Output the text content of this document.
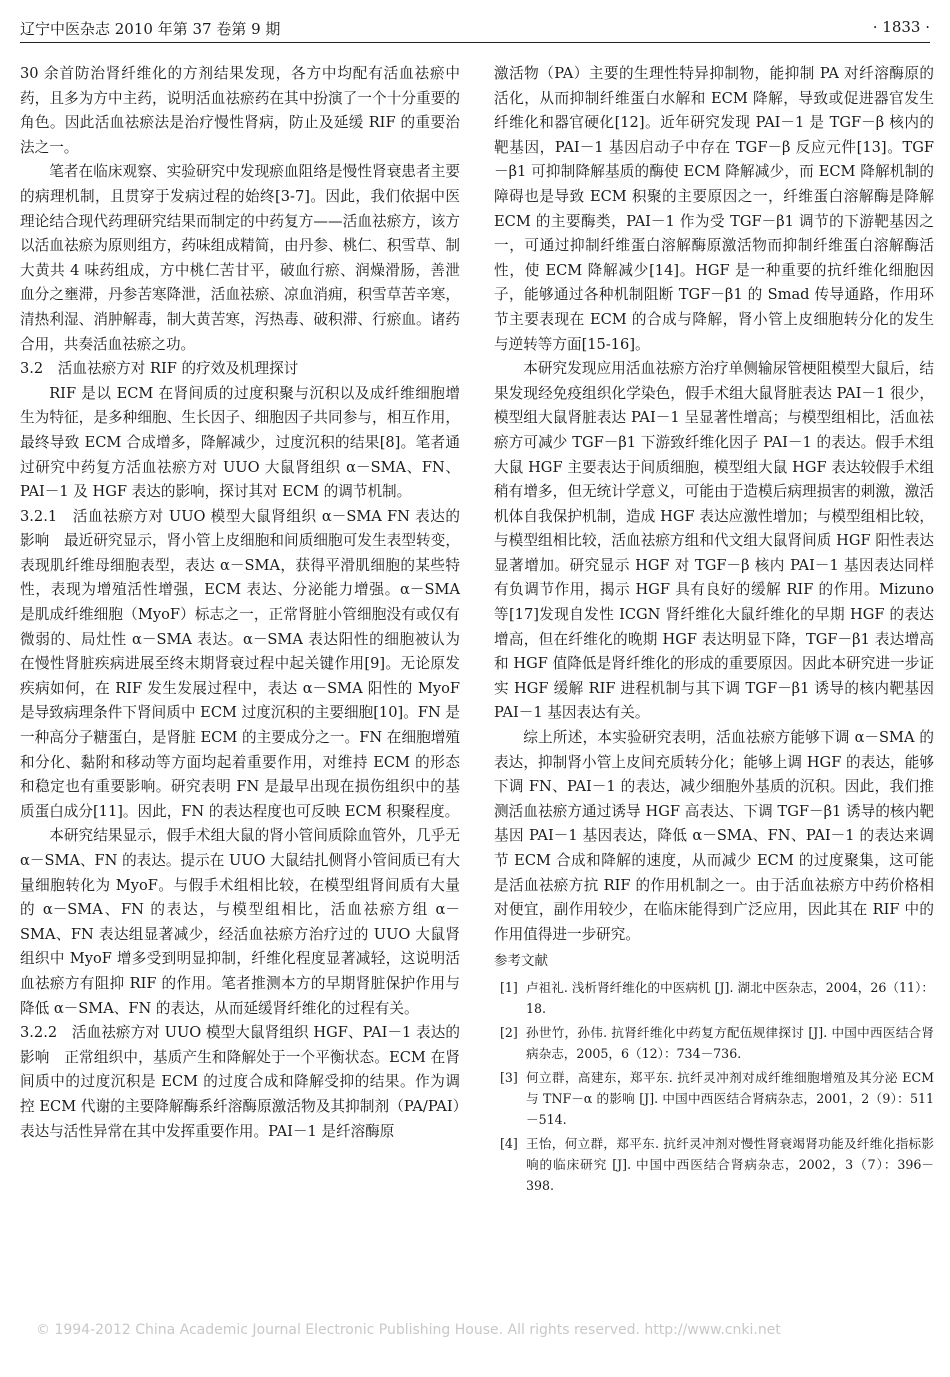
辽宁中医杂志 2010 年第 37 卷第 9 期	· 1833 ·

30 余首防治肾纤维化的方剂结果发现，各方中均配有活血祛瘀中药，且多为方中主药，说明活血祛瘀药在其中扮演了一个十分重要的角色。因此活血祛瘀法是治疗慢性肾病，防止及延缓 RIF 的重要治法之一。

笔者在临床观察、实验研究中发现瘀血阻络是慢性肾衰患者主要的病理机制，且贯穿于发病过程的始终[3-7]。因此，我们依据中医理论结合现代药理研究结果而制定的中药复方——活血祛瘀方，该方以活血祛瘀为原则组方，药味组成精简，由丹参、桃仁、积雪草、制大黄共 4 味药组成，方中桃仁苦甘平，破血行瘀、润燥滑肠，善泄血分之壅滞，丹参苦寒降泄，活血祛瘀、凉血消痈，积雪草苦辛寒，清热利湿、消肿解毒，制大黄苦寒，泻热毒、破积滞、行瘀血。诸药合用，共奏活血祛瘀之功。

3.2　活血祛瘀方对 RIF 的疗效及机理探讨

RIF 是以 ECM 在肾间质的过度积聚与沉积以及成纤维细胞增生为特征，是多种细胞、生长因子、细胞因子共同参与，相互作用，最终导致 ECM 合成增多，降解减少，过度沉积的结果[8]。笔者通过研究中药复方活血祛瘀方对 UUO 大鼠肾组织 α－SMA、FN、PAI－1 及 HGF 表达的影响，探讨其对 ECM 的调节机制。

3.2.1　活血祛瘀方对 UUO 模型大鼠肾组织 α－SMA FN 表达的影响　最近研究显示，肾小管上皮细胞和间质细胞可发生表型转变，表现肌纤维母细胞表型，表达 α－SMA，获得平滑肌细胞的某些特性，表现为增殖活性增强，ECM 表达、分泌能力增强。α－SMA 是肌成纤维细胞（MyoF）标志之一，正常肾脏小管细胞没有或仅有微弱的、局灶性 α－SMA 表达。α－SMA 表达阳性的细胞被认为在慢性肾脏疾病进展至终末期肾衰过程中起关键作用[9]。无论原发疾病如何，在 RIF 发生发展过程中，表达 α－SMA 阳性的 MyoF 是导致病理条件下肾间质中 ECM 过度沉积的主要细胞[10]。FN 是一种高分子糖蛋白，是肾脏 ECM 的主要成分之一。FN 在细胞增殖和分化、黏附和移动等方面均起着重要作用，对维持 ECM 的形态和稳定也有重要影响。研究表明 FN 是最早出现在损伤组织中的基质蛋白成分[11]。因此，FN 的表达程度也可反映 ECM 积聚程度。

本研究结果显示，假手术组大鼠的肾小管间质除血管外，几乎无 α－SMA、FN 的表达。提示在 UUO 大鼠结扎侧肾小管间质已有大量细胞转化为 MyoF。与假手术组相比较，在模型组肾间质有大量的 α－SMA、FN 的表达，与模型组相比，活血祛瘀方组 α－SMA、FN 表达组显著减少，经活血祛瘀方治疗过的 UUO 大鼠肾组织中 MyoF 增多受到明显抑制，纤维化程度显著减轻，这说明活血祛瘀方有阻抑 RIF 的作用。笔者推测本方的早期肾脏保护作用与降低 α－SMA、FN 的表达，从而延缓肾纤维化的过程有关。

3.2.2　活血祛瘀方对 UUO 模型大鼠肾组织 HGF、PAI－1 表达的影响　正常组织中，基质产生和降解处于一个平衡状态。ECM 在肾间质中的过度沉积是 ECM 的过度合成和降解受抑的结果。作为调控 ECM 代谢的主要降解酶系纤溶酶原激活物及其抑制剂（PA/PAI）表达与活性异常在其中发挥重要作用。PAI－1 是纤溶酶原

激活物（PA）主要的生理性特异抑制物，能抑制 PA 对纤溶酶原的活化，从而抑制纤维蛋白水解和 ECM 降解，导致或促进器官发生纤维化和器官硬化[12]。近年研究发现 PAI－1 是 TGF－β 核内的靶基因，PAI－1 基因启动子中存在 TGF－β 反应元件[13]。TGF－β1 可抑制降解基质的酶使 ECM 降解减少，而 ECM 降解机制的障碍也是导致 ECM 积聚的主要原因之一，纤维蛋白溶解酶是降解 ECM 的主要酶类，PAI－1 作为受 TGF－β1 调节的下游靶基因之一，可通过抑制纤维蛋白溶解酶原激活物而抑制纤维蛋白溶解酶活性，使 ECM 降解减少[14]。HGF 是一种重要的抗纤维化细胞因子，能够通过各种机制阻断 TGF－β1 的 Smad 传导通路，作用环节主要表现在 ECM 的合成与降解，肾小管上皮细胞转分化的发生与逆转等方面[15-16]。

本研究发现应用活血祛瘀方治疗单侧输尿管梗阻模型大鼠后，结果发现经免疫组织化学染色，假手术组大鼠肾脏表达 PAI－1 很少，模型组大鼠肾脏表达 PAI－1 呈显著性增高；与模型组相比，活血祛瘀方可减少 TGF－β1 下游致纤维化因子 PAI－1 的表达。假手术组大鼠 HGF 主要表达于间质细胞，模型组大鼠 HGF 表达较假手术组稍有增多，但无统计学意义，可能由于造模后病理损害的刺激，激活机体自我保护机制，造成 HGF 表达应激性增加；与模型组相比较，与模型组相比较，活血祛瘀方组和代文组大鼠肾间质 HGF 阳性表达显著增加。研究显示 HGF 对 TGF－β 核内 PAI－1 基因表达同样有负调节作用，揭示 HGF 具有良好的缓解 RIF 的作用。Mizuno 等[17]发现自发性 ICGN 肾纤维化大鼠纤维化的早期 HGF 的表达增高，但在纤维化的晚期 HGF 表达明显下降，TGF－β1 表达增高和 HGF 值降低是肾纤维化的形成的重要原因。因此本研究进一步证实 HGF 缓解 RIF 进程机制与其下调 TGF－β1 诱导的核内靶基因 PAI－1 基因表达有关。

综上所述，本实验研究表明，活血祛瘀方能够下调 α－SMA 的表达，抑制肾小管上皮间充质转分化；能够上调 HGF 的表达，能够下调 FN、PAI－1 的表达，减少细胞外基质的沉积。因此，我们推测活血祛瘀方通过诱导 HGF 高表达、下调 TGF－β1 诱导的核内靶基因 PAI－1 基因表达，降低 α－SMA、FN、PAI－1 的表达来调节 ECM 合成和降解的速度，从而减少 ECM 的过度聚集，这可能是活血祛瘀方抗 RIF 的作用机制之一。由于活血祛瘀方中药价格相对便宜，副作用较少，在临床能得到广泛应用，因此其在 RIF 中的作用值得进一步研究。

参考文献
[1] 卢祖礼. 浅析肾纤维化的中医病机 [J]. 湖北中医杂志，2004，26（11）：18.
[2] 孙世竹，孙伟. 抗肾纤维化中药复方配伍规律探讨 [J]. 中国中西医结合肾病杂志，2005，6（12）：734－736.
[3] 何立群，高建东，郑平东. 抗纤灵冲剂对成纤维细胞增殖及其分泌 ECM 与 TNF－α 的影响 [J]. 中国中西医结合肾病杂志，2001，2（9）：511－514.
[4] 王怡，何立群，郑平东. 抗纤灵冲剂对慢性肾衰竭肾功能及纤维化指标影响的临床研究 [J]. 中国中西医结合肾病杂志，2002，3（7）：396－398.
© 1994-2012 China Academic Journal Electronic Publishing House. All rights reserved. http://www.cnki.net
